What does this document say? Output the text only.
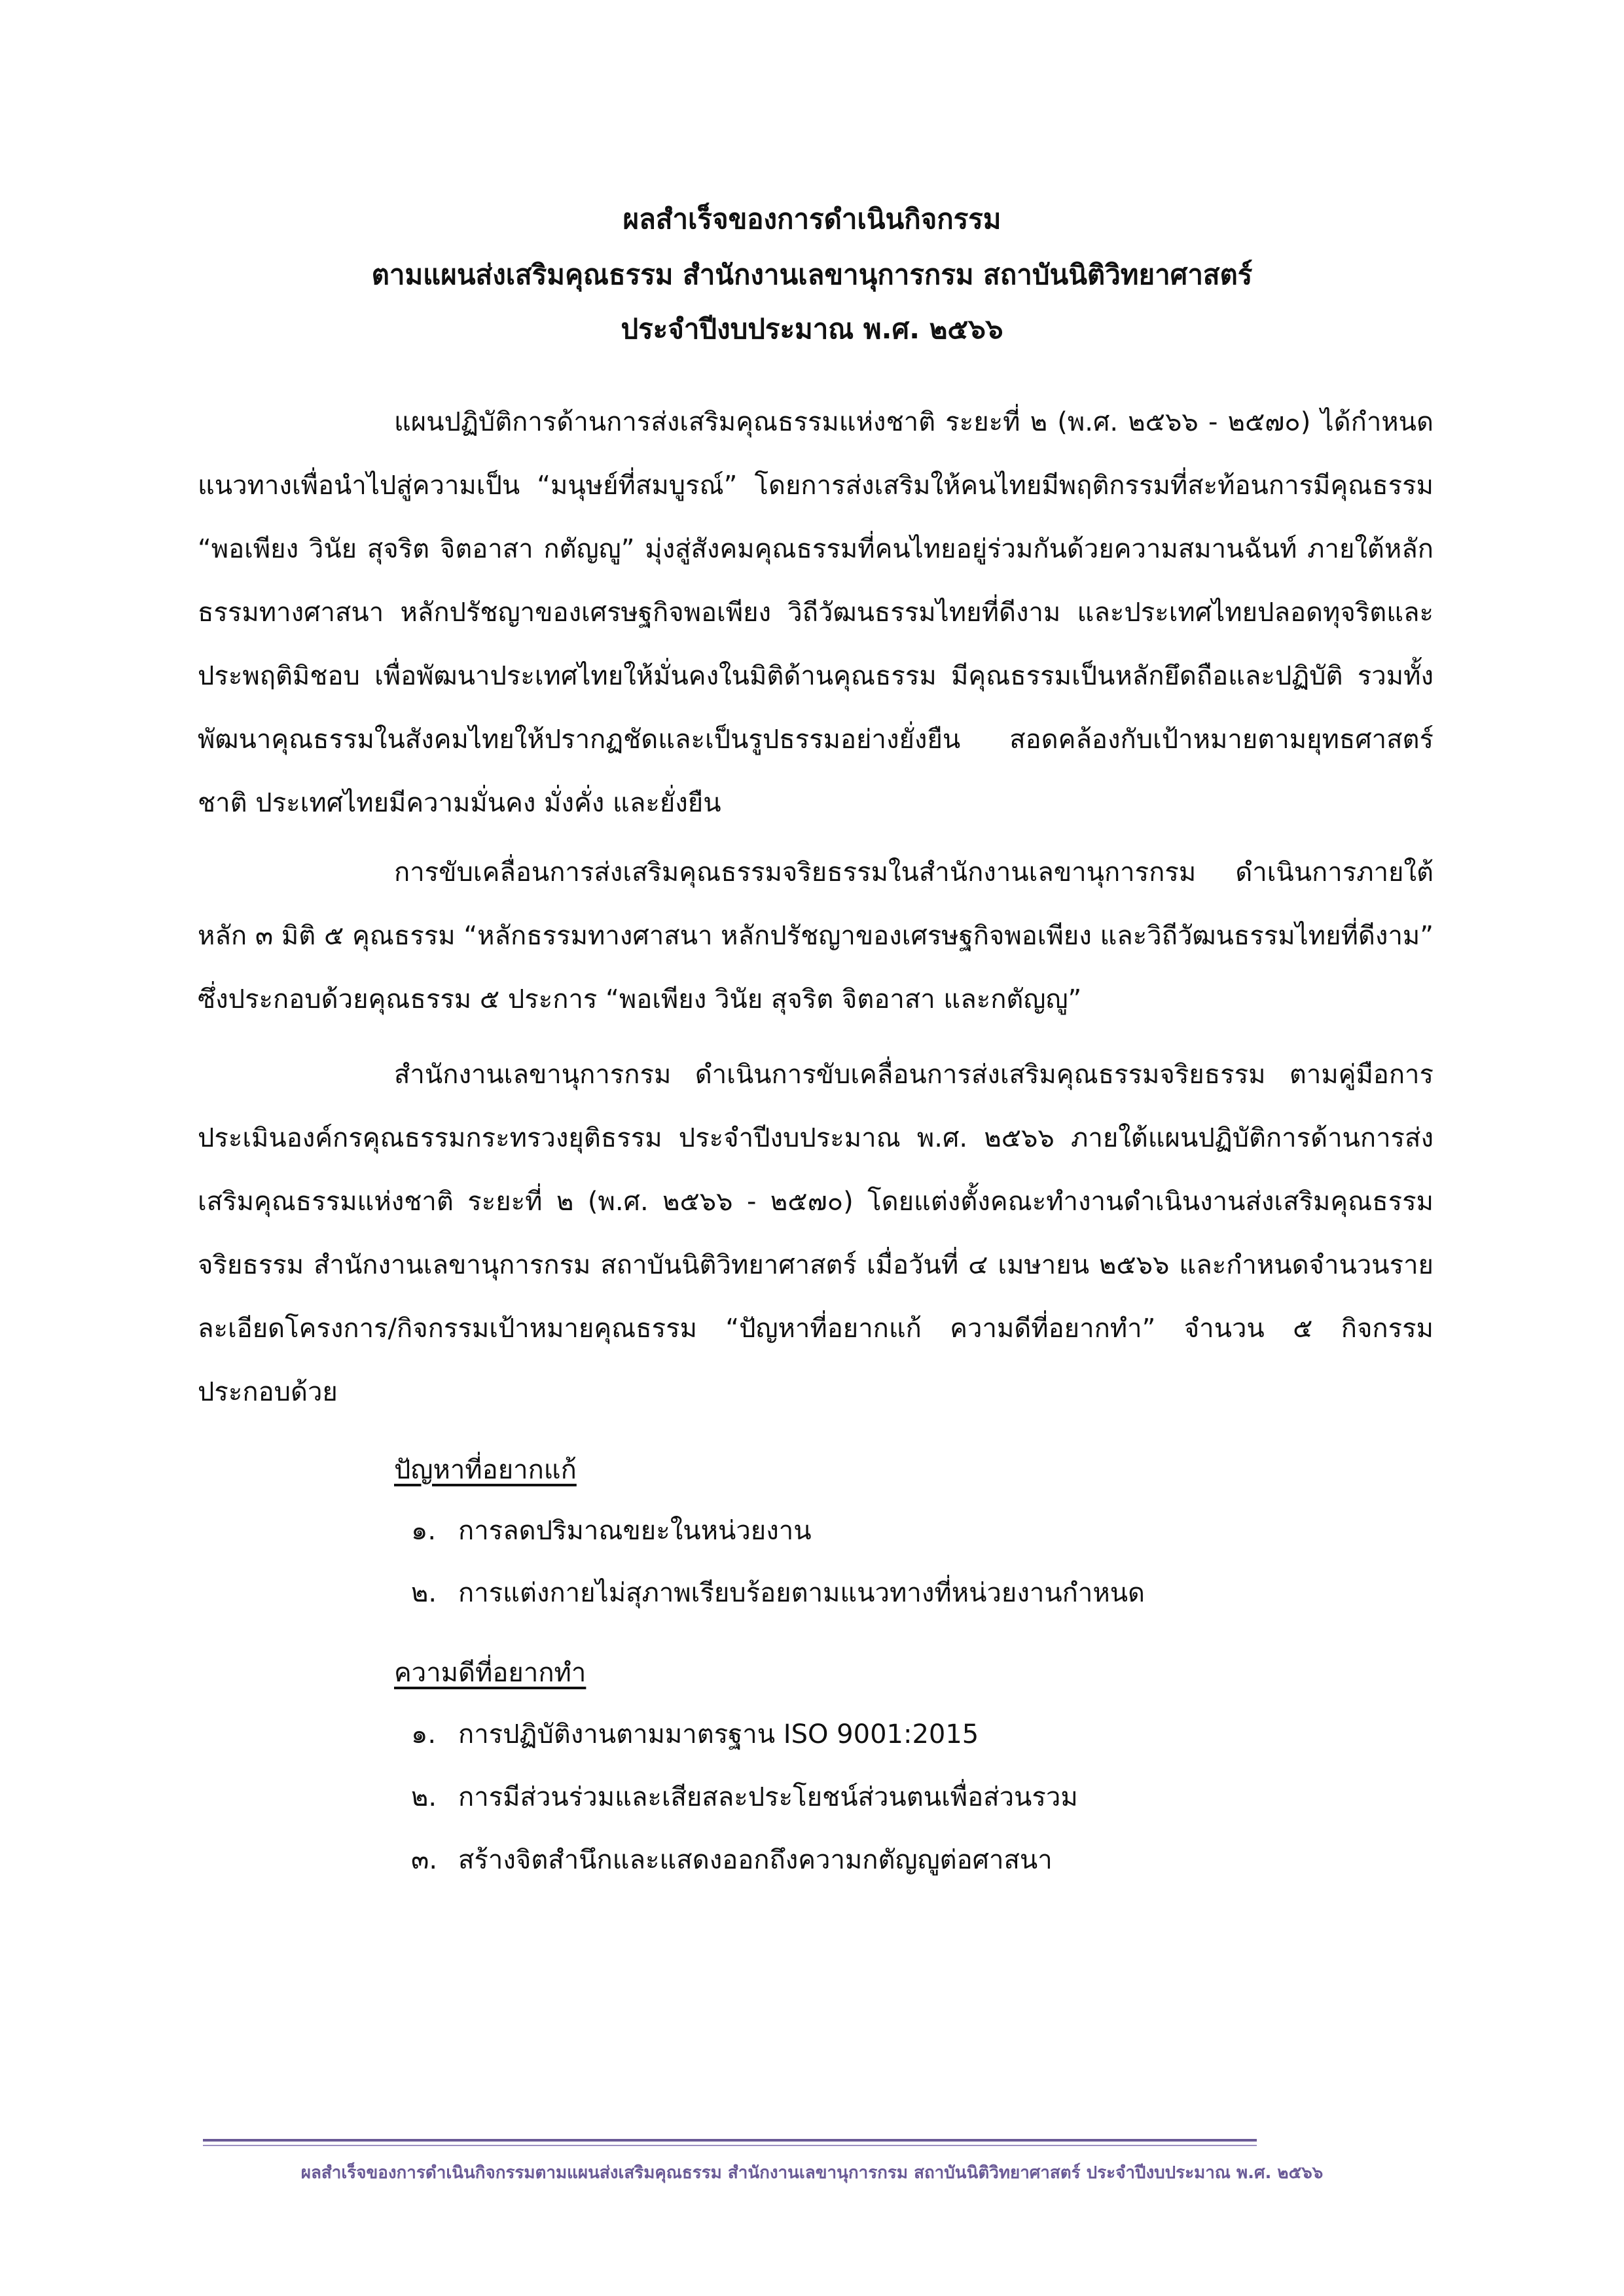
ผลสำเร็จของการดำเนินกิจกรรม
ตามแผนส่งเสริมคุณธรรม สำนักงานเลขานุการกรม สถาบันนิติวิทยาศาสตร์
ประจำปีงบประมาณ พ.ศ. ๒๕๖๖

แผนปฏิบัติการด้านการส่งเสริมคุณธรรมแห่งชาติ ระยะที่ ๒ (พ.ศ. ๒๕๖๖ - ๒๕๗๐) ได้กำหนดแนวทางเพื่อนำไปสู่ความเป็น “มนุษย์ที่สมบูรณ์” โดยการส่งเสริมให้คนไทยมีพฤติกรรมที่สะท้อนการมีคุณธรรม “พอเพียง วินัย สุจริต จิตอาสา กตัญญู” มุ่งสู่สังคมคุณธรรมที่คนไทยอยู่ร่วมกันด้วยความสมานฉันท์ ภายใต้หลักธรรมทางศาสนา หลักปรัชญาของเศรษฐกิจพอเพียง วิถีวัฒนธรรมไทยที่ดีงาม และประเทศไทยปลอดทุจริตและประพฤติมิชอบ เพื่อพัฒนาประเทศไทยให้มั่นคงในมิติด้านคุณธรรม มีคุณธรรมเป็นหลักยึดถือและปฏิบัติ รวมทั้งพัฒนาคุณธรรมในสังคมไทยให้ปรากฏชัดและเป็นรูปธรรมอย่างยั่งยืน สอดคล้องกับเป้าหมายตามยุทธศาสตร์ชาติ ประเทศไทยมีความมั่นคง มั่งคั่ง และยั่งยืน

การขับเคลื่อนการส่งเสริมคุณธรรมจริยธรรมในสำนักงานเลขานุการกรม ดำเนินการภายใต้หลัก ๓ มิติ ๕ คุณธรรม “หลักธรรมทางศาสนา หลักปรัชญาของเศรษฐกิจพอเพียง และวิถีวัฒนธรรมไทยที่ดีงาม” ซึ่งประกอบด้วยคุณธรรม ๕ ประการ “พอเพียง วินัย สุจริต จิตอาสา และกตัญญู”

สำนักงานเลขานุการกรม ดำเนินการขับเคลื่อนการส่งเสริมคุณธรรมจริยธรรม ตามคู่มือการประเมินองค์กรคุณธรรมกระทรวงยุติธรรม ประจำปีงบประมาณ พ.ศ. ๒๕๖๖ ภายใต้แผนปฏิบัติการด้านการส่งเสริมคุณธรรมแห่งชาติ ระยะที่ ๒ (พ.ศ. ๒๕๖๖ - ๒๕๗๐) โดยแต่งตั้งคณะทำงานดำเนินงานส่งเสริมคุณธรรมจริยธรรม สำนักงานเลขานุการกรม สถาบันนิติวิทยาศาสตร์ เมื่อวันที่ ๔ เมษายน ๒๕๖๖ และกำหนดจำนวนรายละเอียดโครงการ/กิจกรรมเป้าหมายคุณธรรม “ปัญหาที่อยากแก้ ความดีที่อยากทำ” จำนวน ๕ กิจกรรม ประกอบด้วย

ปัญหาที่อยากแก้
๑. การลดปริมาณขยะในหน่วยงาน
๒. การแต่งกายไม่สุภาพเรียบร้อยตามแนวทางที่หน่วยงานกำหนด
ความดีที่อยากทำ
๑. การปฏิบัติงานตามมาตรฐาน ISO 9001:2015
๒. การมีส่วนร่วมและเสียสละประโยชน์ส่วนตนเพื่อส่วนรวม
๓. สร้างจิตสำนึกและแสดงออกถึงความกตัญญูต่อศาสนา
ผลสำเร็จของการดำเนินกิจกรรมตามแผนส่งเสริมคุณธรรม สำนักงานเลขานุการกรม สถาบันนิติวิทยาศาสตร์ ประจำปีงบประมาณ พ.ศ. ๒๕๖๖
